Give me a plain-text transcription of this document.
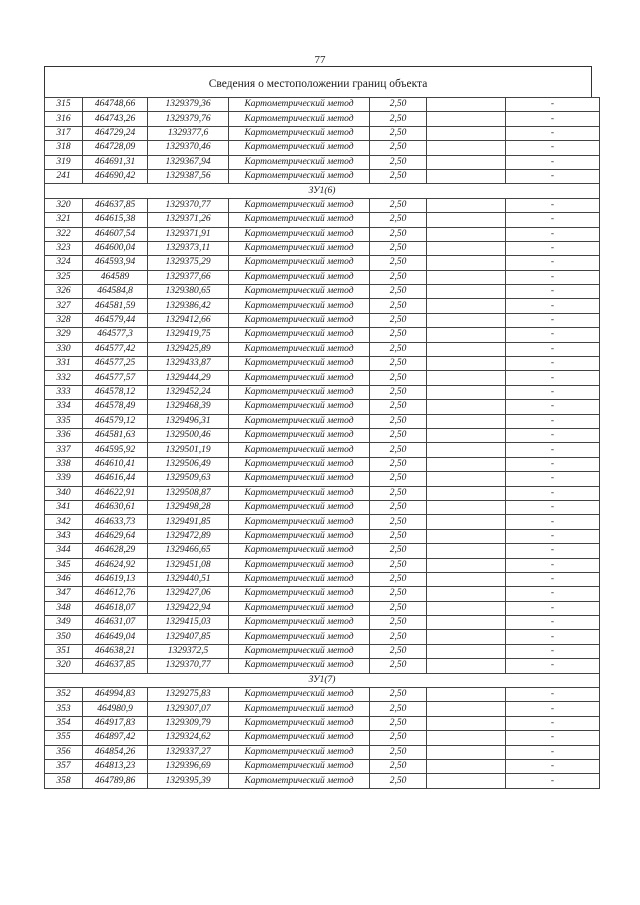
77
Сведения о местоположении границ объекта
315	464748,66	1329379,36	Картометрический метод	2,50		-
316	464743,26	1329379,76	Картометрический метод	2,50		-
317	464729,24	1329377,6	Картометрический метод	2,50		-
318	464728,09	1329370,46	Картометрический метод	2,50		-
319	464691,31	1329367,94	Картометрический метод	2,50		-
241	464690,42	1329387,56	Картометрический метод	2,50		-
ЗУ1(6)						
320	464637,85	1329370,77	Картометрический метод	2,50		-
321	464615,38	1329371,26	Картометрический метод	2,50		-
322	464607,54	1329371,91	Картометрический метод	2,50		-
323	464600,04	1329373,11	Картометрический метод	2,50		-
324	464593,94	1329375,29	Картометрический метод	2,50		-
325	464589	1329377,66	Картометрический метод	2,50		-
326	464584,8	1329380,65	Картометрический метод	2,50		-
327	464581,59	1329386,42	Картометрический метод	2,50		-
328	464579,44	1329412,66	Картометрический метод	2,50		-
329	464577,3	1329419,75	Картометрический метод	2,50		-
330	464577,42	1329425,89	Картометрический метод	2,50		-
331	464577,25	1329433,87	Картометрический метод	2,50		-
332	464577,57	1329444,29	Картометрический метод	2,50		-
333	464578,12	1329452,24	Картометрический метод	2,50		-
334	464578,49	1329468,39	Картометрический метод	2,50		-
335	464579,12	1329496,31	Картометрический метод	2,50		-
336	464581,63	1329500,46	Картометрический метод	2,50		-
337	464595,92	1329501,19	Картометрический метод	2,50		-
338	464610,41	1329506,49	Картометрический метод	2,50		-
339	464616,44	1329509,63	Картометрический метод	2,50		-
340	464622,91	1329508,87	Картометрический метод	2,50		-
341	464630,61	1329498,28	Картометрический метод	2,50		-
342	464633,73	1329491,85	Картометрический метод	2,50		-
343	464629,64	1329472,89	Картометрический метод	2,50		-
344	464628,29	1329466,65	Картометрический метод	2,50		-
345	464624,92	1329451,08	Картометрический метод	2,50		-
346	464619,13	1329440,51	Картометрический метод	2,50		-
347	464612,76	1329427,06	Картометрический метод	2,50		-
348	464618,07	1329422,94	Картометрический метод	2,50		-
349	464631,07	1329415,03	Картометрический метод	2,50		-
350	464649,04	1329407,85	Картометрический метод	2,50		-
351	464638,21	1329372,5	Картометрический метод	2,50		-
320	464637,85	1329370,77	Картометрический метод	2,50		-
ЗУ1(7)						
352	464994,83	1329275,83	Картометрический метод	2,50		-
353	464980,9	1329307,07	Картометрический метод	2,50		-
354	464917,83	1329309,79	Картометрический метод	2,50		-
355	464897,42	1329324,62	Картометрический метод	2,50		-
356	464854,26	1329337,27	Картометрический метод	2,50		-
357	464813,23	1329396,69	Картометрический метод	2,50		-
358	464789,86	1329395,39	Картометрический метод	2,50		-
